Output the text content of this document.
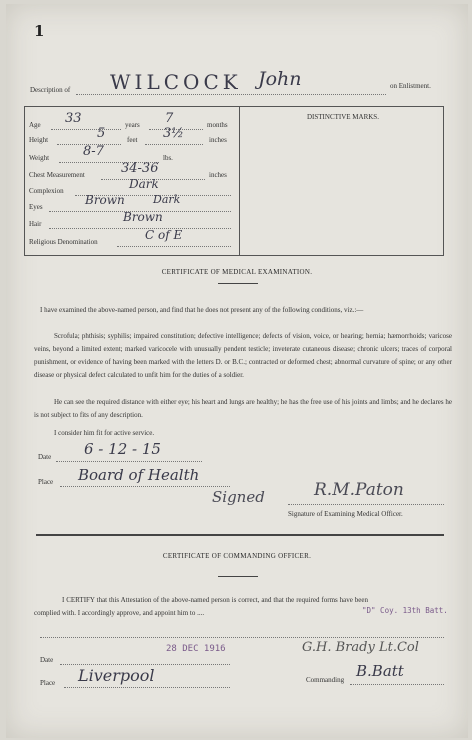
1
Description of WILCOCK John	on Enlistment.
Age 33	years 7	months
Height	5	feet 3½	inches
Weight	8-7	lbs.
Chest Measurement	34-36	inches
Complexion	Dark
Eyes	Brown	Dark
Hair	Brown
Religious Denomination	C of E
DISTINCTIVE MARKS.
CERTIFICATE OF MEDICAL EXAMINATION.
I have examined the above-named person, and find that he does not present any of the following conditions, viz.:—
Scrofula; phthisis; syphilis; impaired constitution; defective intelligence; defects of vision, voice, or hearing; hernia; hæmorrhoids; varicose veins, beyond a limited extent; marked varicocele with unusually pendent testicle; inveterate cutaneous disease; chronic ulcers; traces of corporal punishment, or evidence of having been marked with the letters D. or B.C.; contracted or deformed chest; abnormal curvature of spine; or any other disease or physical defect calculated to unfit him for the duties of a soldier.
He can see the required distance with either eye; his heart and lungs are healthy; he has the free use of his joints and limbs; and he declares he is not subject to fits of any description.
I consider him fit for active service.
Date 6 - 12 - 15
Place Board of Health
Signed	R.M.Paton
Signature of Examining Medical Officer.
CERTIFICATE OF COMMANDING OFFICER.
I CERTIFY that this Attestation of the above-named person is correct, and that the required forms have been complied with. I accordingly approve, and appoint him to ....	"D" Coy. 13th Batt.
28 DEC 1916
Date
G.H. Brady Lt.Col
Place Liverpool	Commanding B.Batt
